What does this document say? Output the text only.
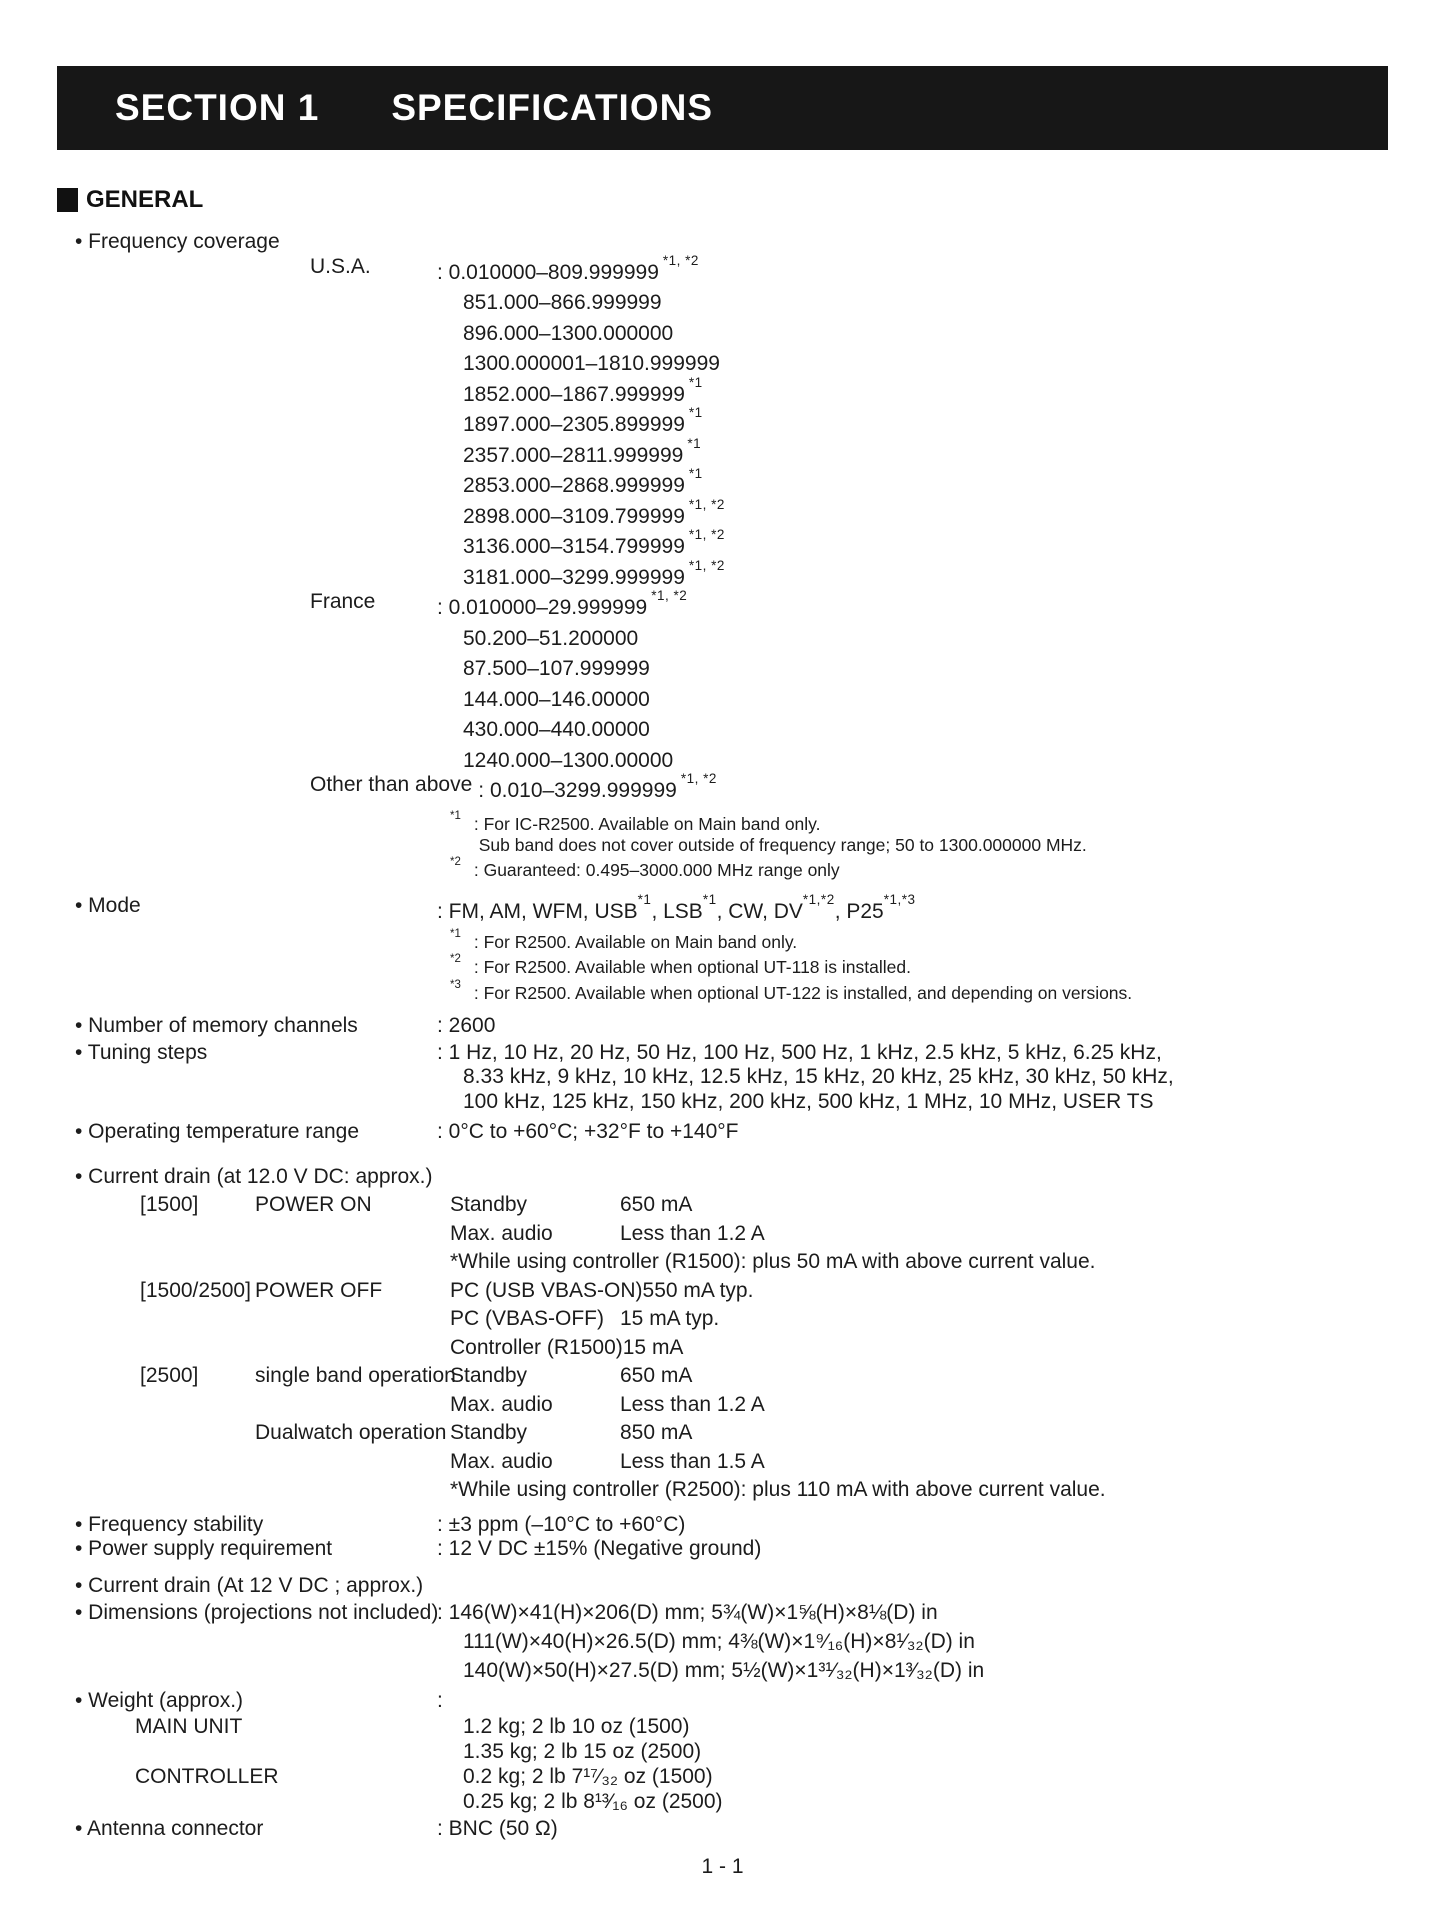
SECTION 1 SPECIFICATIONS
GENERAL
• Frequency coverage
U.S.A.	: $0.010000-809.999999^{*1, *2}$
851.000–866.999999
896.000–1300.000000
1300.000001–1810.999999
1852.000–1867.999999$^{*1}$
1897.000–2305.899999$^{*1}$
2357.000–2811.999999$^{*1}$
2853.000–2868.999999$^{*1}$
$2898.000-3109.799999^{*1, *2}$
$3136.000-3154.799999^{*1, *2}$
$3181.000-3299.999999^{*1, *2}$
France	: $0.010000-29.999999^{*1, *2}$
50.200–51.200000
87.500–107.999999
144.000–146.00000
430.000–440.00000
1240.000–1300.00000
Other than above : $0.010-3299.999999^{*1, *2}$
$^{*1}$ : For IC-R2500. Available on Main band only.
Sub band does not cover outside of frequency range; 50 to 1300.000000 MHz.
$^{*2}$ : Guaranteed: 0.495–3000.000 MHz range only
• Mode	: FM, AM, WFM, USB$^{*1}$, LSB$^{*1}$, CW, $DV^{*1,*2}$, $P25^{*1,*3}$
$^{*1}$ : For R2500. Available on Main band only.
$^{*2}$ : For R2500. Available when optional UT-118 is installed.
$^{*3}$ : For R2500. Available when optional UT-122 is installed, and depending on versions.
• Number of memory channels	: 2600
• Tuning steps	: 1 Hz, 10 Hz, 20 Hz, 50 Hz, 100 Hz, 500 Hz, 1 kHz, 2.5 kHz, 5 kHz, 6.25 kHz,
8.33 kHz, 9 kHz, 10 kHz, 12.5 kHz, 15 kHz, 20 kHz, 25 kHz, 30 kHz, 50 kHz,
100 kHz, 125 kHz, 150 kHz, 200 kHz, 500 kHz, 1 MHz, 10 MHz, USER TS
• Operating temperature range	: 0°C to +60°C; +32°F to +140°F
• Current drain (at 12.0 V DC: approx.)
[1500]	POWER ON	Standby	650 mA
Max. audio	Less than 1.2 A
*While using controller (R1500): plus 50 mA with above current value.
[1500/2500] POWER OFF	PC (USB VBAS-ON) 550 mA typ.
PC (VBAS-OFF) 15 mA typ.
Controller (R1500) 15 mA
[2500]	single band operation
Standby	650 mA
Max. audio	Less than 1.2 A
Dualwatch operation Standby	850 mA
Max. audio	Less than 1.5 A
*While using controller (R2500): plus 110 mA with above current value.
• Frequency stability	: ±3 ppm (–10°C to +60°C)
• Power supply requirement	: 12 V DC ±15% (Negative ground)
• Current drain (At 12 V DC ; approx.)
• Dimensions (projections not included)
: 146(W)×41(H)×206(D) mm; 5¾(W)×1⅝(H)×8⅛(D) in
111(W)×40(H)×26.5(D) mm; 4⅜(W)×1⁹⁄₁₆(H)×8¹⁄₃₂(D) in
140(W)×50(H)×27.5(D) mm; 5½(W)×1³¹⁄₃₂(H)×1³⁄₃₂(D) in
• Weight (approx.)	:
MAIN UNIT	1.2 kg; 2 lb 10 oz (1500)
1.35 kg; 2 lb 15 oz (2500)
CONTROLLER	0.2 kg; 2 lb 7¹⁷⁄₃₂ oz (1500)
0.25 kg; 2 lb 8¹³⁄₁₆ oz (2500)
• Antenna connector	: BNC (50 Ω)
1 - 1
